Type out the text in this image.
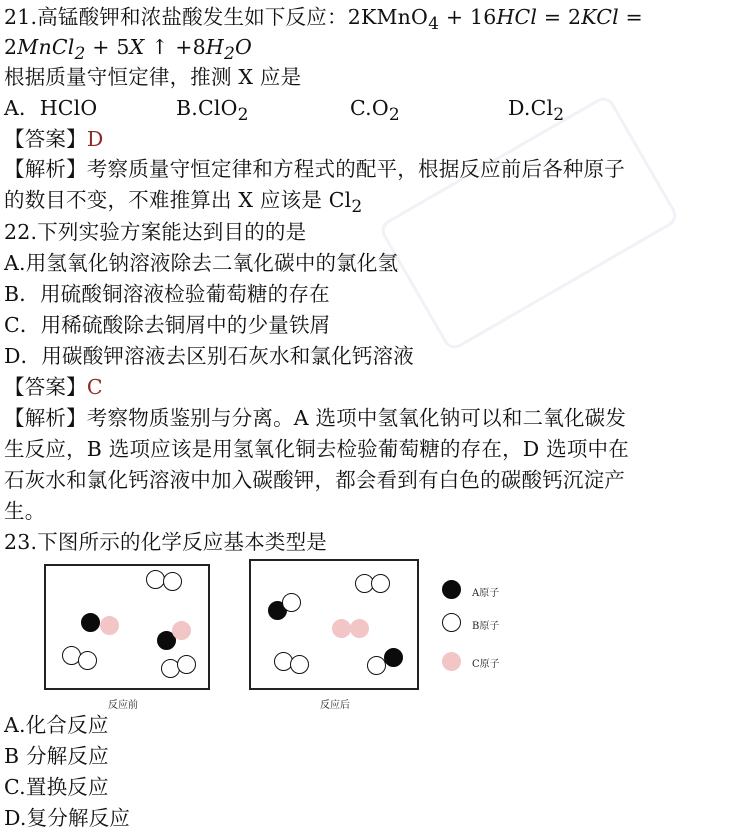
21.高锰酸钾和浓盐酸发生如下反应：2KMnO$_4$ + 16HCl = 2KCl =
2MnCl$_2$ + 5X ↑ $+8H_2O$
根据质量守恒定律，推测 X 应是
A．HClO	B.ClO$_2$	$C.O_2$	$D.Cl_2$
【答案】D
【解析】考察质量守恒定律和方程式的配平，根据反应前后各种原子
的数目不变，不难推算出 X 应该是 $Cl_2$
22.下列实验方案能达到目的的是
A.用氢氧化钠溶液除去二氧化碳中的氯化氢
B．用硫酸铜溶液检验葡萄糖的存在
C．用稀硫酸除去铜屑中的少量铁屑
D．用碳酸钾溶液去区别石灰水和氯化钙溶液
【答案】C
【解析】考察物质鉴别与分离。A 选项中氢氧化钠可以和二氧化碳发
生反应，B 选项应该是用氢氧化铜去检验葡萄糖的存在，D 选项中在
石灰水和氯化钙溶液中加入碳酸钾，都会看到有白色的碳酸钙沉淀产
生。
23.下图所示的化学反应基本类型是
反应前	反应后
A原子
B原子
C原子
A.化合反应
B 分解反应
C.置换反应
D.复分解反应
